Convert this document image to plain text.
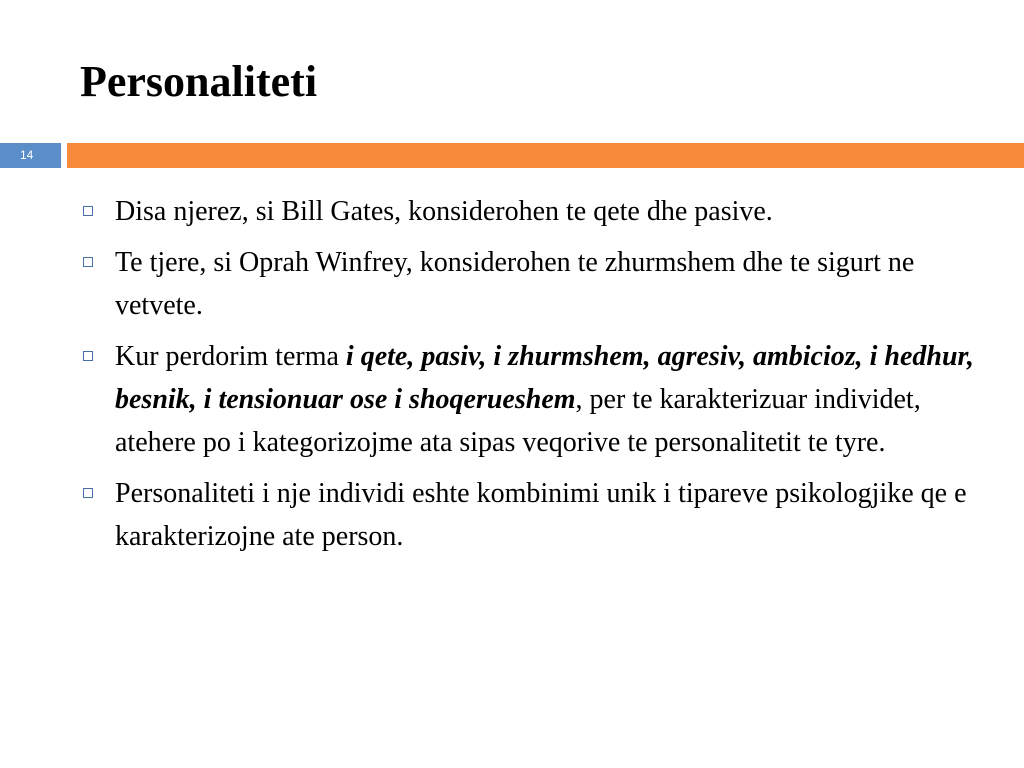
Personaliteti
14
Disa njerez, si Bill Gates, konsiderohen te qete dhe pasive.
Te tjere, si Oprah Winfrey, konsiderohen te zhurmshem dhe te sigurt ne vetvete.
Kur perdorim terma i qete, pasiv, i zhurmshem, agresiv, ambicioz, i hedhur, besnik, i tensionuar ose i shoqerueshem, per te karakterizuar individet, atehere po i kategorizojme ata sipas veqorive te personalitetit te tyre.
Personaliteti i nje individi eshte kombinimi unik i tipareve psikologjike qe e karakterizojne ate person.
